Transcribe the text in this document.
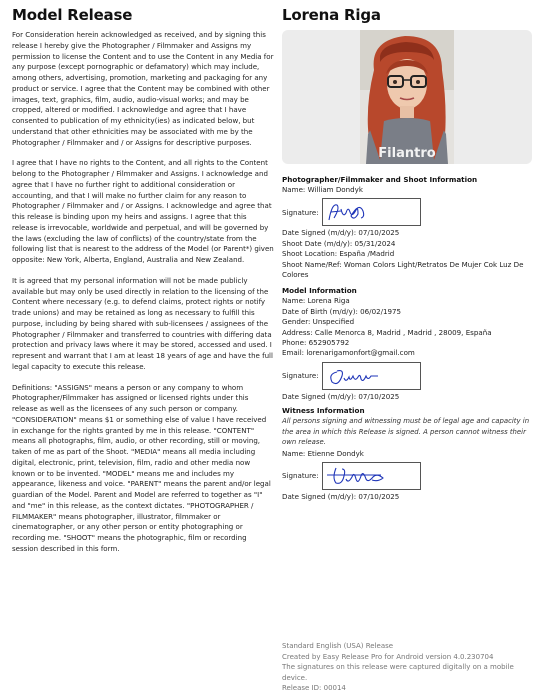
Model Release

For Consideration herein acknowledged as received, and by signing this release I hereby give the Photographer / Filmmaker and Assigns my permission to license the Content and to use the Content in any Media for any purpose (except pornographic or defamatory) which may include, among others, advertising, promotion, marketing and packaging for any product or service. I agree that the Content may be combined with other images, text, graphics, film, audio, audio-visual works; and may be cropped, altered or modified. I acknowledge and agree that I have consented to publication of my ethnicity(ies) as indicated below, but understand that other ethnicities may be associated with me by the Photographer / Filmmaker and / or Assigns for descriptive purposes.

I agree that I have no rights to the Content, and all rights to the Content belong to the Photographer / Filmmaker and Assigns. I acknowledge and agree that I have no further right to additional consideration or accounting, and that I will make no further claim for any reason to Photographer / Filmmaker and / or Assigns. I acknowledge and agree that this release is binding upon my heirs and assigns. I agree that this release is irrevocable, worldwide and perpetual, and will be governed by the laws (excluding the law of conflicts) of the country/state from the following list that is nearest to the address of the Model (or Parent*) given opposite: New York, Alberta, England, Australia and New Zealand.

It is agreed that my personal information will not be made publicly available but may only be used directly in relation to the licensing of the Content where necessary (e.g. to defend claims, protect rights or notify trade unions) and may be retained as long as necessary to fulfill this purpose, including by being shared with sub-licensees / assignees of the Photographer / Filmmaker and transferred to countries with differing data protection and privacy laws where it may be stored, accessed and used. I represent and warrant that I am at least 18 years of age and have the full legal capacity to execute this release.

Definitions: "ASSIGNS" means a person or any company to whom Photographer/Filmmaker has assigned or licensed rights under this release as well as the licensees of any such person or company. "CONSIDERATION" means $1 or something else of value I have received in exchange for the rights granted by me in this release. "CONTENT" means all photographs, film, audio, or other recording, still or moving, taken of me as part of the Shoot. "MEDIA" means all media including digital, electronic, print, television, film, radio and other media now known or to be invented. "MODEL" means me and includes my appearance, likeness and voice. "PARENT" means the parent and/or legal guardian of the Model. Parent and Model are referred to together as "I" and "me" in this release, as the context dictates. "PHOTOGRAPHER / FILMMAKER" means photographer, illustrator, filmmaker or cinematographer, or any other person or entity photographing or recording me. "SHOOT" means the photographic, film or recording session described in this form.

Lorena Riga
Filantro
Photographer/Filmmaker and Shoot Information
Name: William Dondyk
Signature:
Date Signed (m/d/y): 07/10/2025
Shoot Date (m/d/y): 05/31/2024
Shoot Location: España /Madrid
Shoot Name/Ref: Woman Colors Light/Retratos De Mujer Cok Luz De Colores
Model Information
Name: Lorena Riga
Date of Birth (m/d/y): 06/02/1975
Gender: Unspecified
Address: Calle Menorca 8, Madrid , Madrid , 28009, España
Phone: 652905792
Email: lorenarigamonfort@gmail.com
Signature:
Date Signed (m/d/y): 07/10/2025
Witness Information
All persons signing and witnessing must be of legal age and capacity in the area in which this Release is signed. A person cannot witness their own release.
Name: Etienne Dondyk
Signature:
Date Signed (m/d/y): 07/10/2025
Standard English (USA) Release
Created by Easy Release Pro for Android version 4.0.230704
The signatures on this release were captured digitally on a mobile device.
Release ID: 00014
